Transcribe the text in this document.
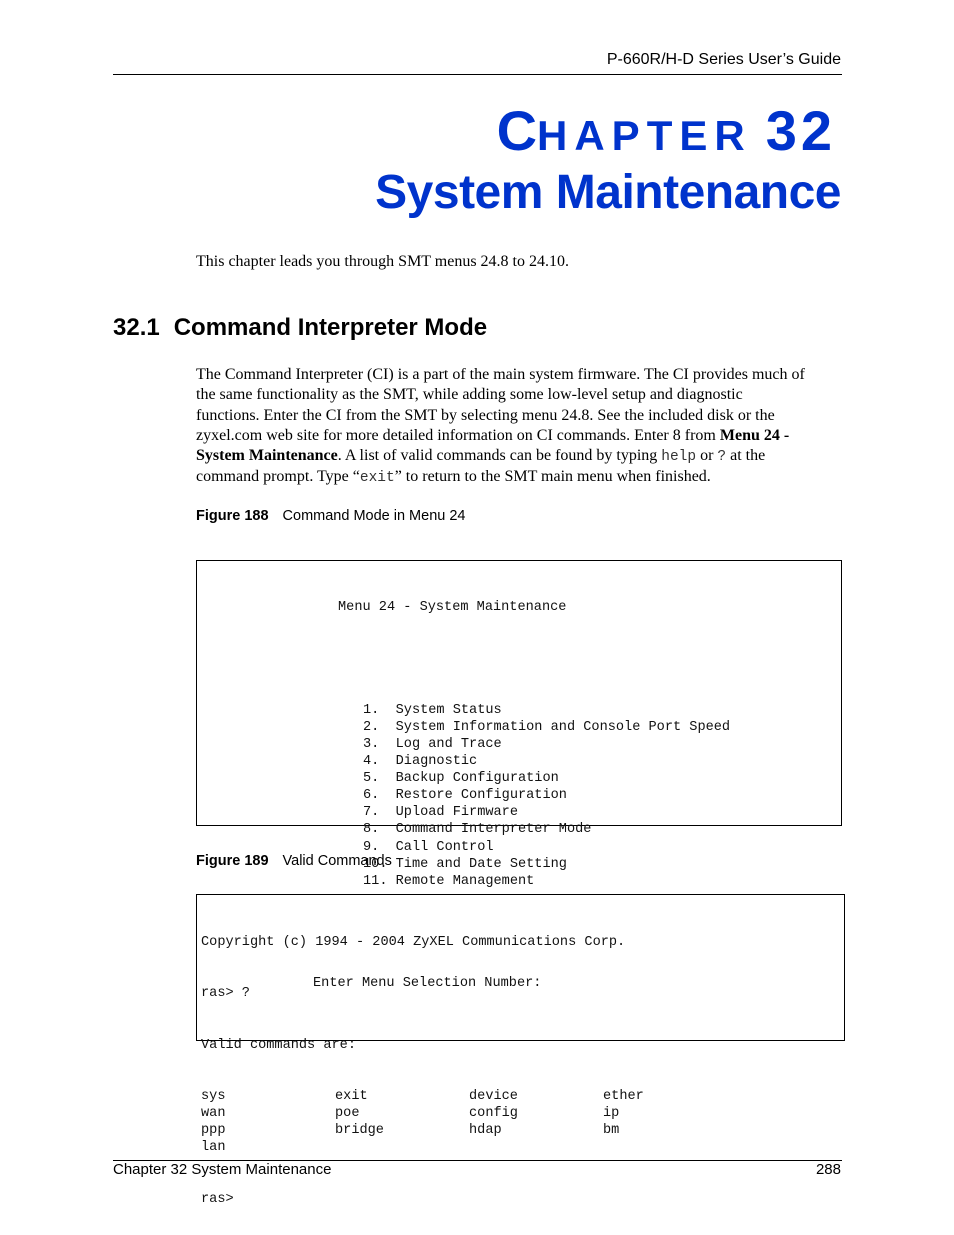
P-660R/H-D Series User’s Guide
CHAPTER 32
System Maintenance
This chapter leads you through SMT menus 24.8 to 24.10.
32.1 Command Interpreter Mode
The Command Interpreter (CI) is a part of the main system firmware. The CI provides much of
the same functionality as the SMT, while adding some low-level setup and diagnostic
functions. Enter the CI from the SMT by selecting menu 24.8. See the included disk or the
zyxel.com web site for more detailed information on CI commands. Enter 8 from Menu 24 -
System Maintenance. A list of valid commands can be found by typing help or ? at the
command prompt. Type “exit” to return to the SMT main menu when finished.
Figure 188 Command Mode in Menu 24

Menu 24 - System Maintenance

1.  System Status
2.  System Information and Console Port Speed
3.  Log and Trace
4.  Diagnostic
5.  Backup Configuration
6.  Restore Configuration
7.  Upload Firmware
8.  Command Interpreter Mode
9.  Call Control
10. Time and Date Setting
11. Remote Management

Enter Menu Selection Number:

Figure 189 Valid Commands

Copyright (c) 1994 - 2004 ZyXEL Communications Corp.

ras> ?

Valid commands are:

sys	exit	device	ether
wan	poe	config	ip
ppp	bridge	hdap	bm
lan

ras>

Chapter 32 System Maintenance	288
